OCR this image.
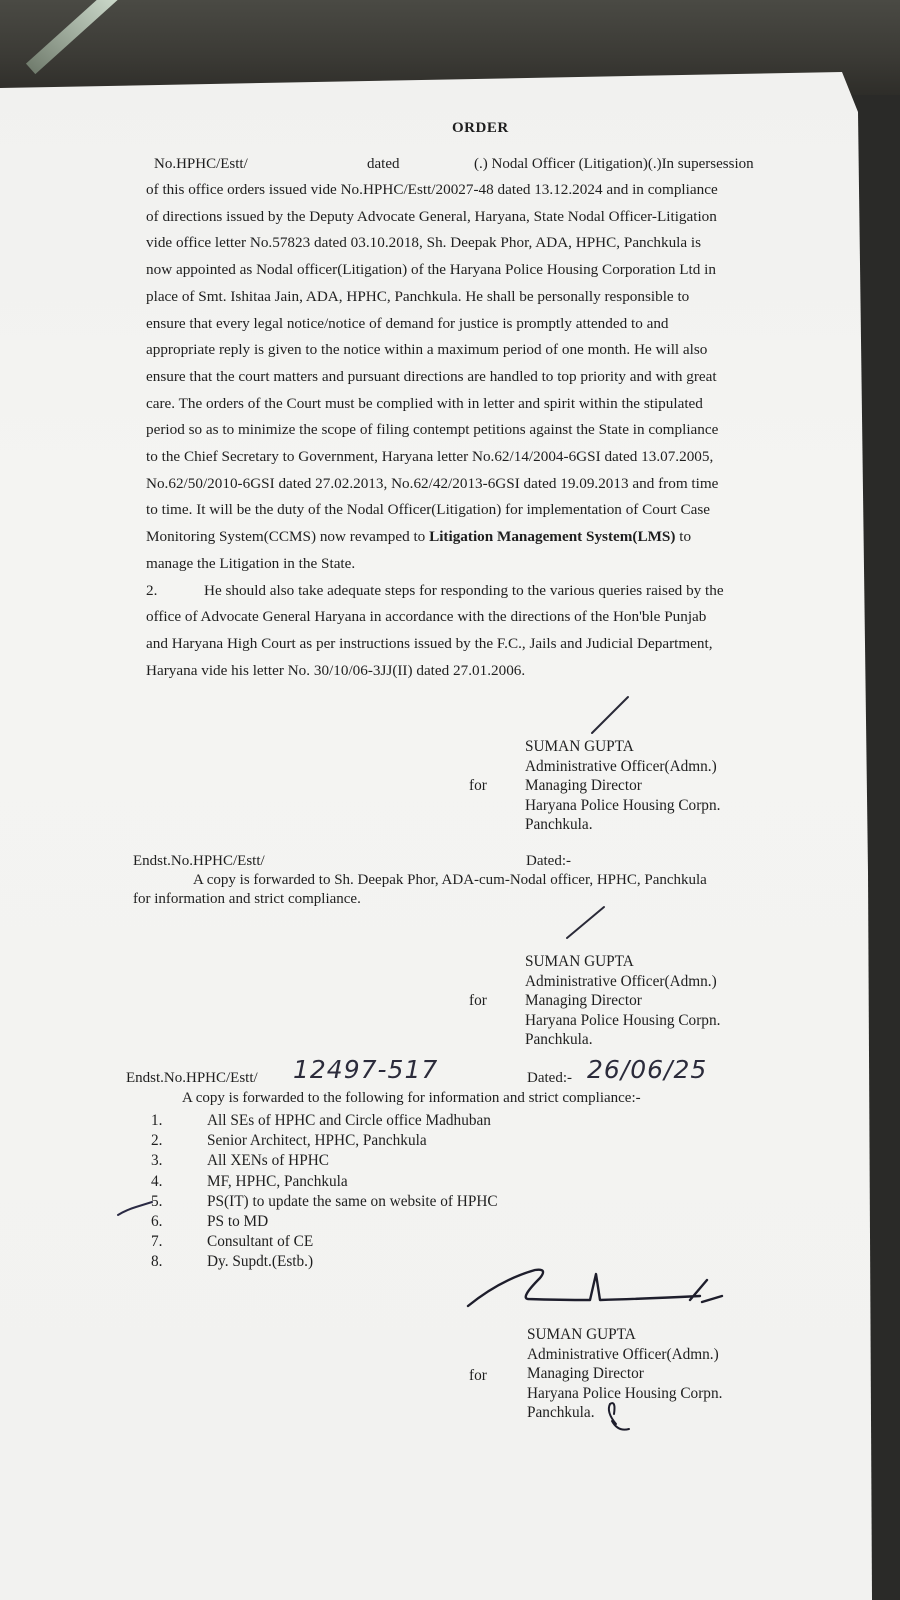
ORDER
No.HPHC/Estt/	dated	(.) Nodal Officer (Litigation)(.)In supersession

of this office orders issued vide No.HPHC/Estt/20027-48 dated 13.12.2024 and in compliance

of directions issued by the Deputy Advocate General, Haryana, State Nodal Officer-Litigation

vide office letter No.57823 dated 03.10.2018, Sh. Deepak Phor, ADA, HPHC, Panchkula is

now appointed as Nodal officer(Litigation) of the Haryana Police Housing Corporation Ltd in

place of Smt. Ishitaa Jain, ADA, HPHC, Panchkula. He shall be personally responsible to

ensure that every legal notice/notice of demand for justice is promptly attended to and

appropriate reply is given to the notice within a maximum period of one month. He will also

ensure that the court matters and pursuant directions are handled to top priority and with great

care. The orders of the Court must be complied with in letter and spirit within the stipulated

period so as to minimize the scope of filing contempt petitions against the State in compliance

to the Chief Secretary to Government, Haryana letter No.62/14/2004-6GSI dated 13.07.2005,

No.62/50/2010-6GSI dated 27.02.2013, No.62/42/2013-6GSI dated 19.09.2013 and from time

to time. It will be the duty of the Nodal Officer(Litigation) for implementation of Court Case

Monitoring System(CCMS) now revamped to Litigation Management System(LMS) to

manage the Litigation in the State.

2.	He should also take adequate steps for responding to the various queries raised by the

office of Advocate General Haryana in accordance with the directions of the Hon'ble Punjab

and Haryana High Court as per instructions issued by the F.C., Jails and Judicial Department,

Haryana vide his letter No. 30/10/06-3JJ(II) dated 27.01.2006.

SUMAN GUPTA
Administrative Officer(Admn.)
Managing Director
Haryana Police Housing Corpn.
Panchkula.
for
Endst.No.HPHC/Estt/	Dated:-
A copy is forwarded to Sh. Deepak Phor, ADA-cum-Nodal officer, HPHC, Panchkula
for information and strict compliance.
SUMAN GUPTA
Administrative Officer(Admn.)
Managing Director
Haryana Police Housing Corpn.
Panchkula.
for
Endst.No.HPHC/Estt/ 12497-517	Dated:- 26/06/25
A copy is forwarded to the following for information and strict compliance:-
1.	All SEs of HPHC and Circle office Madhuban
2.	Senior Architect, HPHC, Panchkula
3.	All XENs of HPHC
4.	MF, HPHC, Panchkula
5.	PS(IT) to update the same on website of HPHC
6.	PS to MD
7.	Consultant of CE
8.	Dy. Supdt.(Estb.)
SUMAN GUPTA
Administrative Officer(Admn.)
Managing Director
Haryana Police Housing Corpn.
Panchkula.
for
